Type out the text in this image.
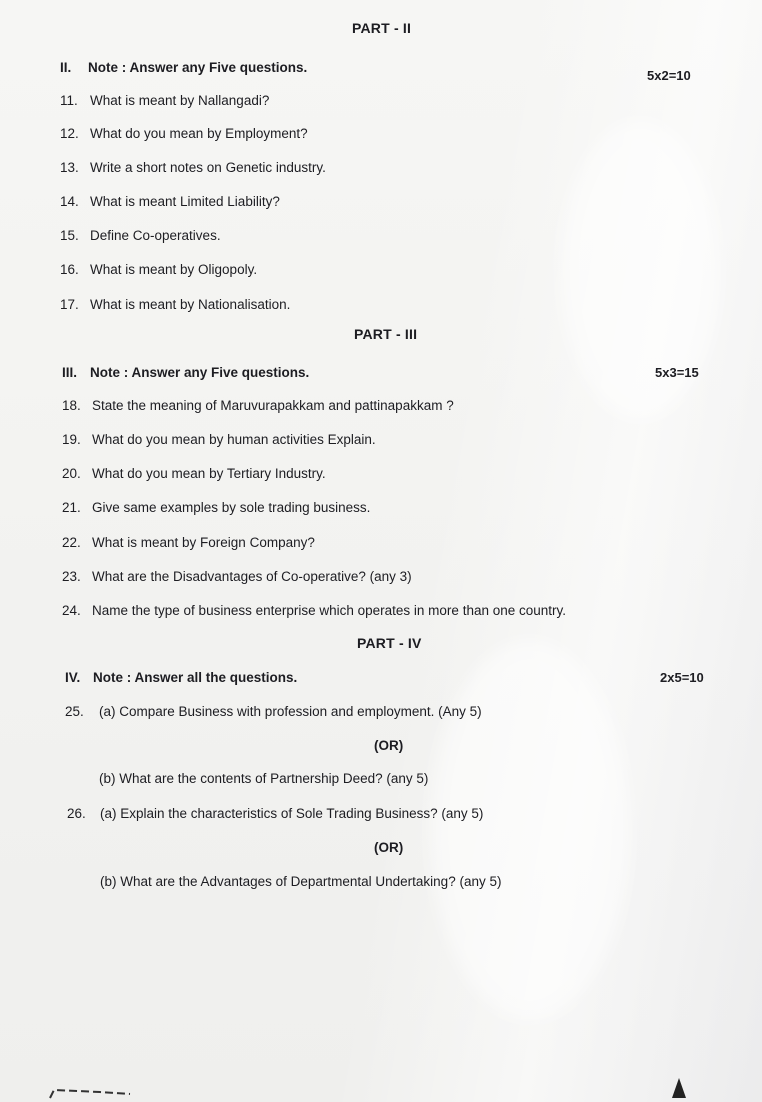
PART - II
II. Note : Answer any Five questions.
5x2=10
11. What is meant by Nallangadi?
12. What do you mean by Employment?
13. Write a short notes on Genetic industry.
14. What is meant Limited Liability?
15. Define Co-operatives.
16. What is meant by Oligopoly.
17. What is meant by Nationalisation.
PART - III
III. Note : Answer any Five questions.	5x3=15
18. State the meaning of Maruvurapakkam and pattinapakkam ?
19. What do you mean by human activities Explain.
20. What do you mean by Tertiary Industry.
21. Give same examples by sole trading business.
22. What is meant by Foreign Company?
23. What are the Disadvantages of Co-operative? (any 3)
24. Name the type of business enterprise which operates in more than one country.
PART - IV
IV. Note : Answer all the questions.	2x5=10
25. (a) Compare Business with profession and employment. (Any 5)
(OR)
(b) What are the contents of Partnership Deed? (any 5)
26. (a) Explain the characteristics of Sole Trading Business? (any 5)
(OR)
(b) What are the Advantages of Departmental Undertaking? (any 5)
